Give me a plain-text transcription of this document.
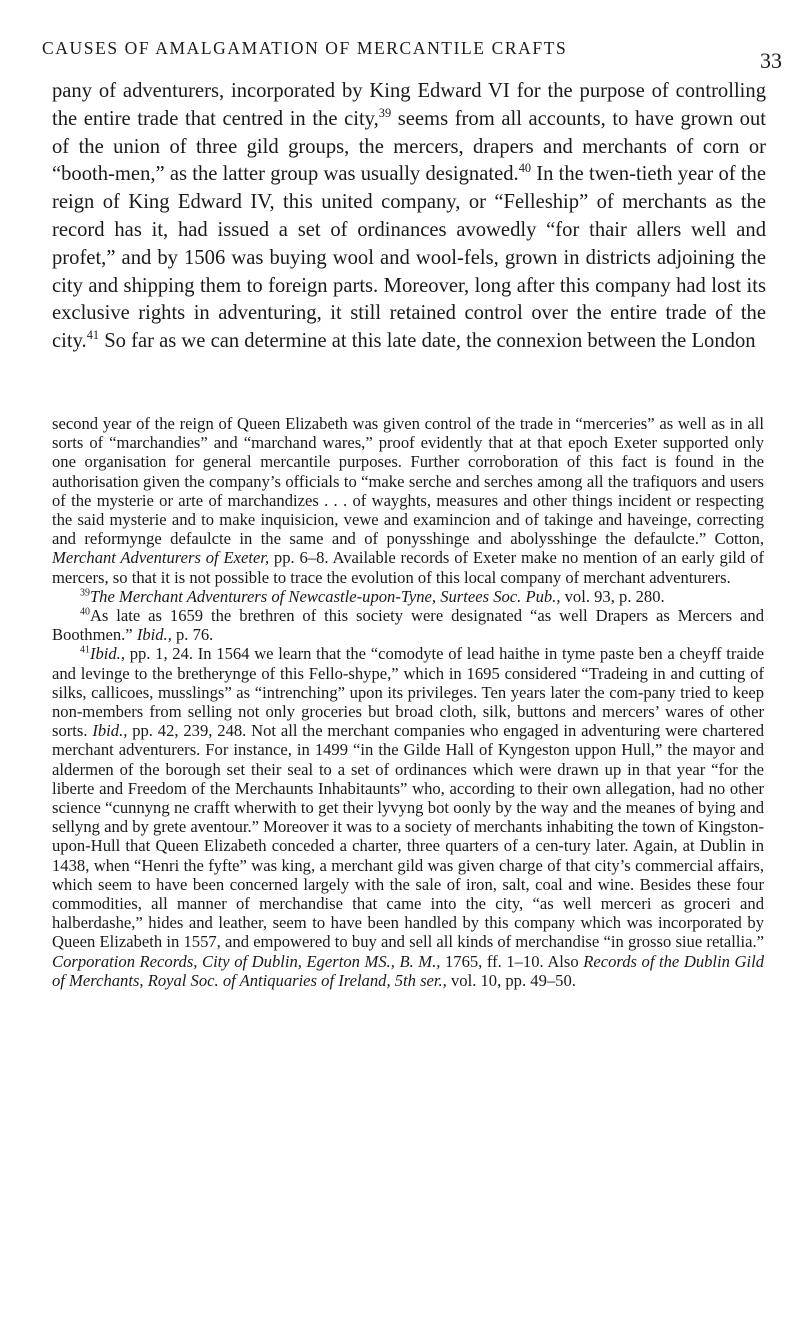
CAUSES OF AMALGAMATION OF MERCANTILE CRAFTS	33
pany of adventurers, incorporated by King Edward VI for the purpose of controlling the entire trade that centred in the city,$^{39}$ seems from all accounts, to have grown out of the union of three gild groups, the mercers, drapers and merchants of corn or “booth-men,” as the latter group was usually designated.$^{40}$ In the twen-tieth year of the reign of King Edward IV, this united company, or “Felleship” of merchants as the record has it, had issued a set of ordinances avowedly “for thair allers well and profet,” and by 1506 was buying wool and wool-fels, grown in districts adjoining the city and shipping them to foreign parts. Moreover, long after this company had lost its exclusive rights in adventuring, it still retained control over the entire trade of the city.$^{41}$ So far as we can determine at this late date, the connexion between the London

second year of the reign of Queen Elizabeth was given control of the trade in “merceries” as well as in all sorts of “marchandies” and “marchand wares,” proof evidently that at that epoch Exeter supported only one organisation for general mercantile purposes. Further corroboration of this fact is found in the authorisation given the company’s officials to “make serche and serches among all the trafiquors and users of the mysterie or arte of marchandizes . . . of wayghts, measures and other things incident or respecting the said mysterie and to make inquisicion, vewe and examincion and of takinge and haveinge, correcting and reformynge defaulcte in the same and of ponysshinge and abolysshinge the defaulcte.” Cotton, Merchant Adventurers of Exeter, pp. 6–8. Available records of Exeter make no mention of an early gild of mercers, so that it is not possible to trace the evolution of this local company of merchant adventurers.

$^{39}$The Merchant Adventurers of Newcastle-upon-Tyne, Surtees Soc. Pub., vol. 93, p. 280.

$^{40}$As late as 1659 the brethren of this society were designated “as well Drapers as Mercers and Boothmen.” Ibid., p. 76.

$^{41}$Ibid., pp. 1, 24. In 1564 we learn that the “comodyte of lead haithe in tyme paste ben a cheyff traide and levinge to the bretherynge of this Fello-shype,” which in 1695 considered “Tradeing in and cutting of silks, callicoes, musslings” as “intrenching” upon its privileges. Ten years later the com-pany tried to keep non-members from selling not only groceries but broad cloth, silk, buttons and mercers’ wares of other sorts. Ibid., pp. 42, 239, 248. Not all the merchant companies who engaged in adventuring were chartered merchant adventurers. For instance, in 1499 “in the Gilde Hall of Kyngeston uppon Hull,” the mayor and aldermen of the borough set their seal to a set of ordinances which were drawn up in that year “for the liberte and Freedom of the Merchaunts Inhabitaunts” who, according to their own allegation, had no other science “cunnyng ne crafft wherwith to get their lyvyng bot oonly by the way and the meanes of bying and sellyng and by grete aventour.” Moreover it was to a society of merchants inhabiting the town of Kingston-upon-Hull that Queen Elizabeth conceded a charter, three quarters of a cen-tury later. Again, at Dublin in 1438, when “Henri the fyfte” was king, a merchant gild was given charge of that city’s commercial affairs, which seem to have been concerned largely with the sale of iron, salt, coal and wine. Besides these four commodities, all manner of merchandise that came into the city, “as well merceri as groceri and halberdashe,” hides and leather, seem to have been handled by this company which was incorporated by Queen Elizabeth in 1557, and empowered to buy and sell all kinds of merchandise “in grosso siue retallia.” Corporation Records, City of Dublin, Egerton MS., B. M., 1765, ff. 1–10. Also Records of the Dublin Gild of Merchants, Royal Soc. of Antiquaries of Ireland, 5th ser., vol. 10, pp. 49–50.
